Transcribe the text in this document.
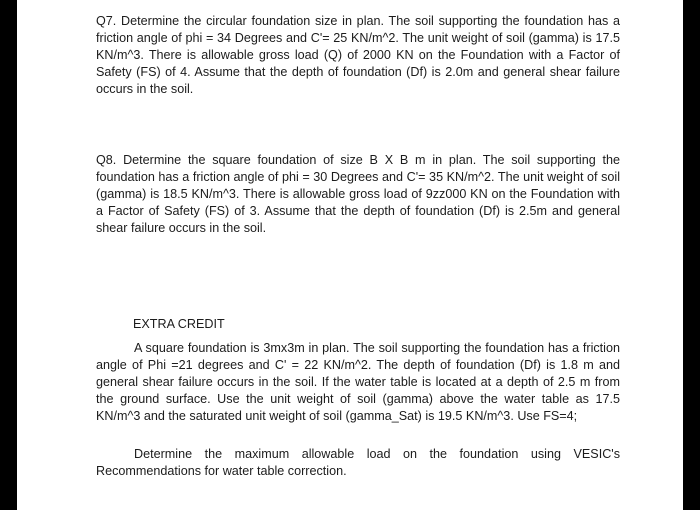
Q7. Determine the circular foundation size in plan. The soil supporting the foundation has a friction angle of phi = 34 Degrees and C'= 25 KN/m^2. The unit weight of soil (gamma) is 17.5 KN/m^3. There is allowable gross load (Q) of 2000 KN on the Foundation with a Factor of Safety (FS) of 4. Assume that the depth of foundation (Df) is 2.0m and general shear failure occurs in the soil.

Q8. Determine the square foundation of size B X B m in plan. The soil supporting the foundation has a friction angle of phi = 30 Degrees and C'= 35 KN/m^2. The unit weight of soil (gamma) is 18.5 KN/m^3. There is allowable gross load of 9zz000 KN on the Foundation with a Factor of Safety (FS) of 3. Assume that the depth of foundation (Df) is 2.5m and general shear failure occurs in the soil.

EXTRA CREDIT

A square foundation is 3mx3m in plan. The soil supporting the foundation has a friction angle of Phi =21 degrees and C' = 22 KN/m^2. The depth of foundation (Df) is 1.8 m and general shear failure occurs in the soil. If the water table is located at a depth of 2.5 m from the ground surface. Use the unit weight of soil (gamma) above the water table as 17.5 KN/m^3 and the saturated unit weight of soil (gamma_Sat) is 19.5 KN/m^3. Use FS=4;

Determine the maximum allowable load on the foundation using VESIC's Recommendations for water table correction.
